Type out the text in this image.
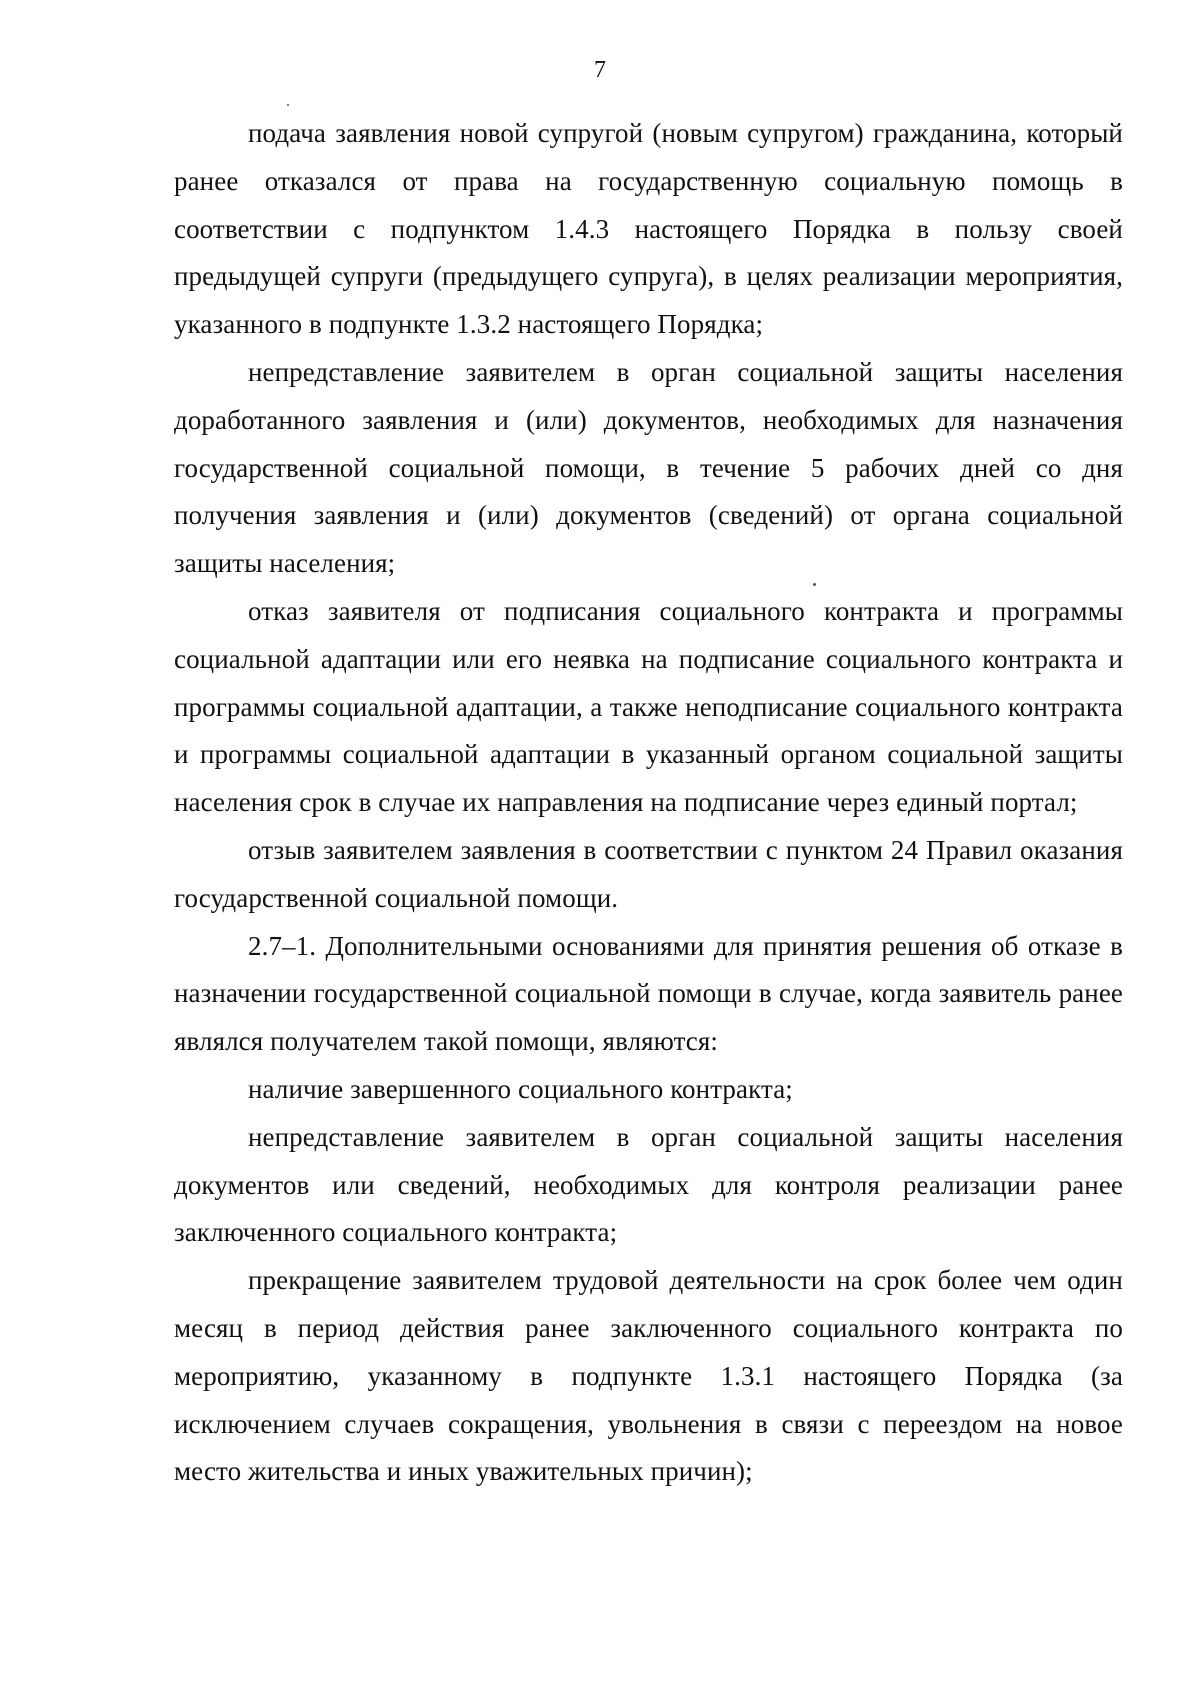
7

подача заявления новой супругой (новым супругом) гражданина, который ранее отказался от права на государственную социальную помощь в соответствии с подпунктом 1.4.3 настоящего Порядка в пользу своей предыдущей супруги (предыдущего супруга), в целях реализации мероприятия, указанного в подпункте 1.3.2 настоящего Порядка;

непредставление заявителем в орган социальной защиты населения доработанного заявления и (или) документов, необходимых для назначения государственной социальной помощи, в течение 5 рабочих дней со дня получения заявления и (или) документов (сведений) от органа социальной защиты населения;

отказ заявителя от подписания социального контракта и программы социальной адаптации или его неявка на подписание социального контракта и программы социальной адаптации, а также неподписание социального контракта и программы социальной адаптации в указанный органом социальной защиты населения срок в случае их направления на подписание через единый портал;

отзыв заявителем заявления в соответствии с пунктом 24 Правил оказания государственной социальной помощи.

2.7–1. Дополнительными основаниями для принятия решения об отказе в назначении государственной социальной помощи в случае, когда заявитель ранее являлся получателем такой помощи, являются:

наличие завершенного социального контракта;

непредставление заявителем в орган социальной защиты населения документов или сведений, необходимых для контроля реализации ранее заключенного социального контракта;

прекращение заявителем трудовой деятельности на срок более чем один месяц в период действия ранее заключенного социального контракта по мероприятию, указанному в подпункте 1.3.1 настоящего Порядка (за исключением случаев сокращения, увольнения в связи с переездом на новое место жительства и иных уважительных причин);
